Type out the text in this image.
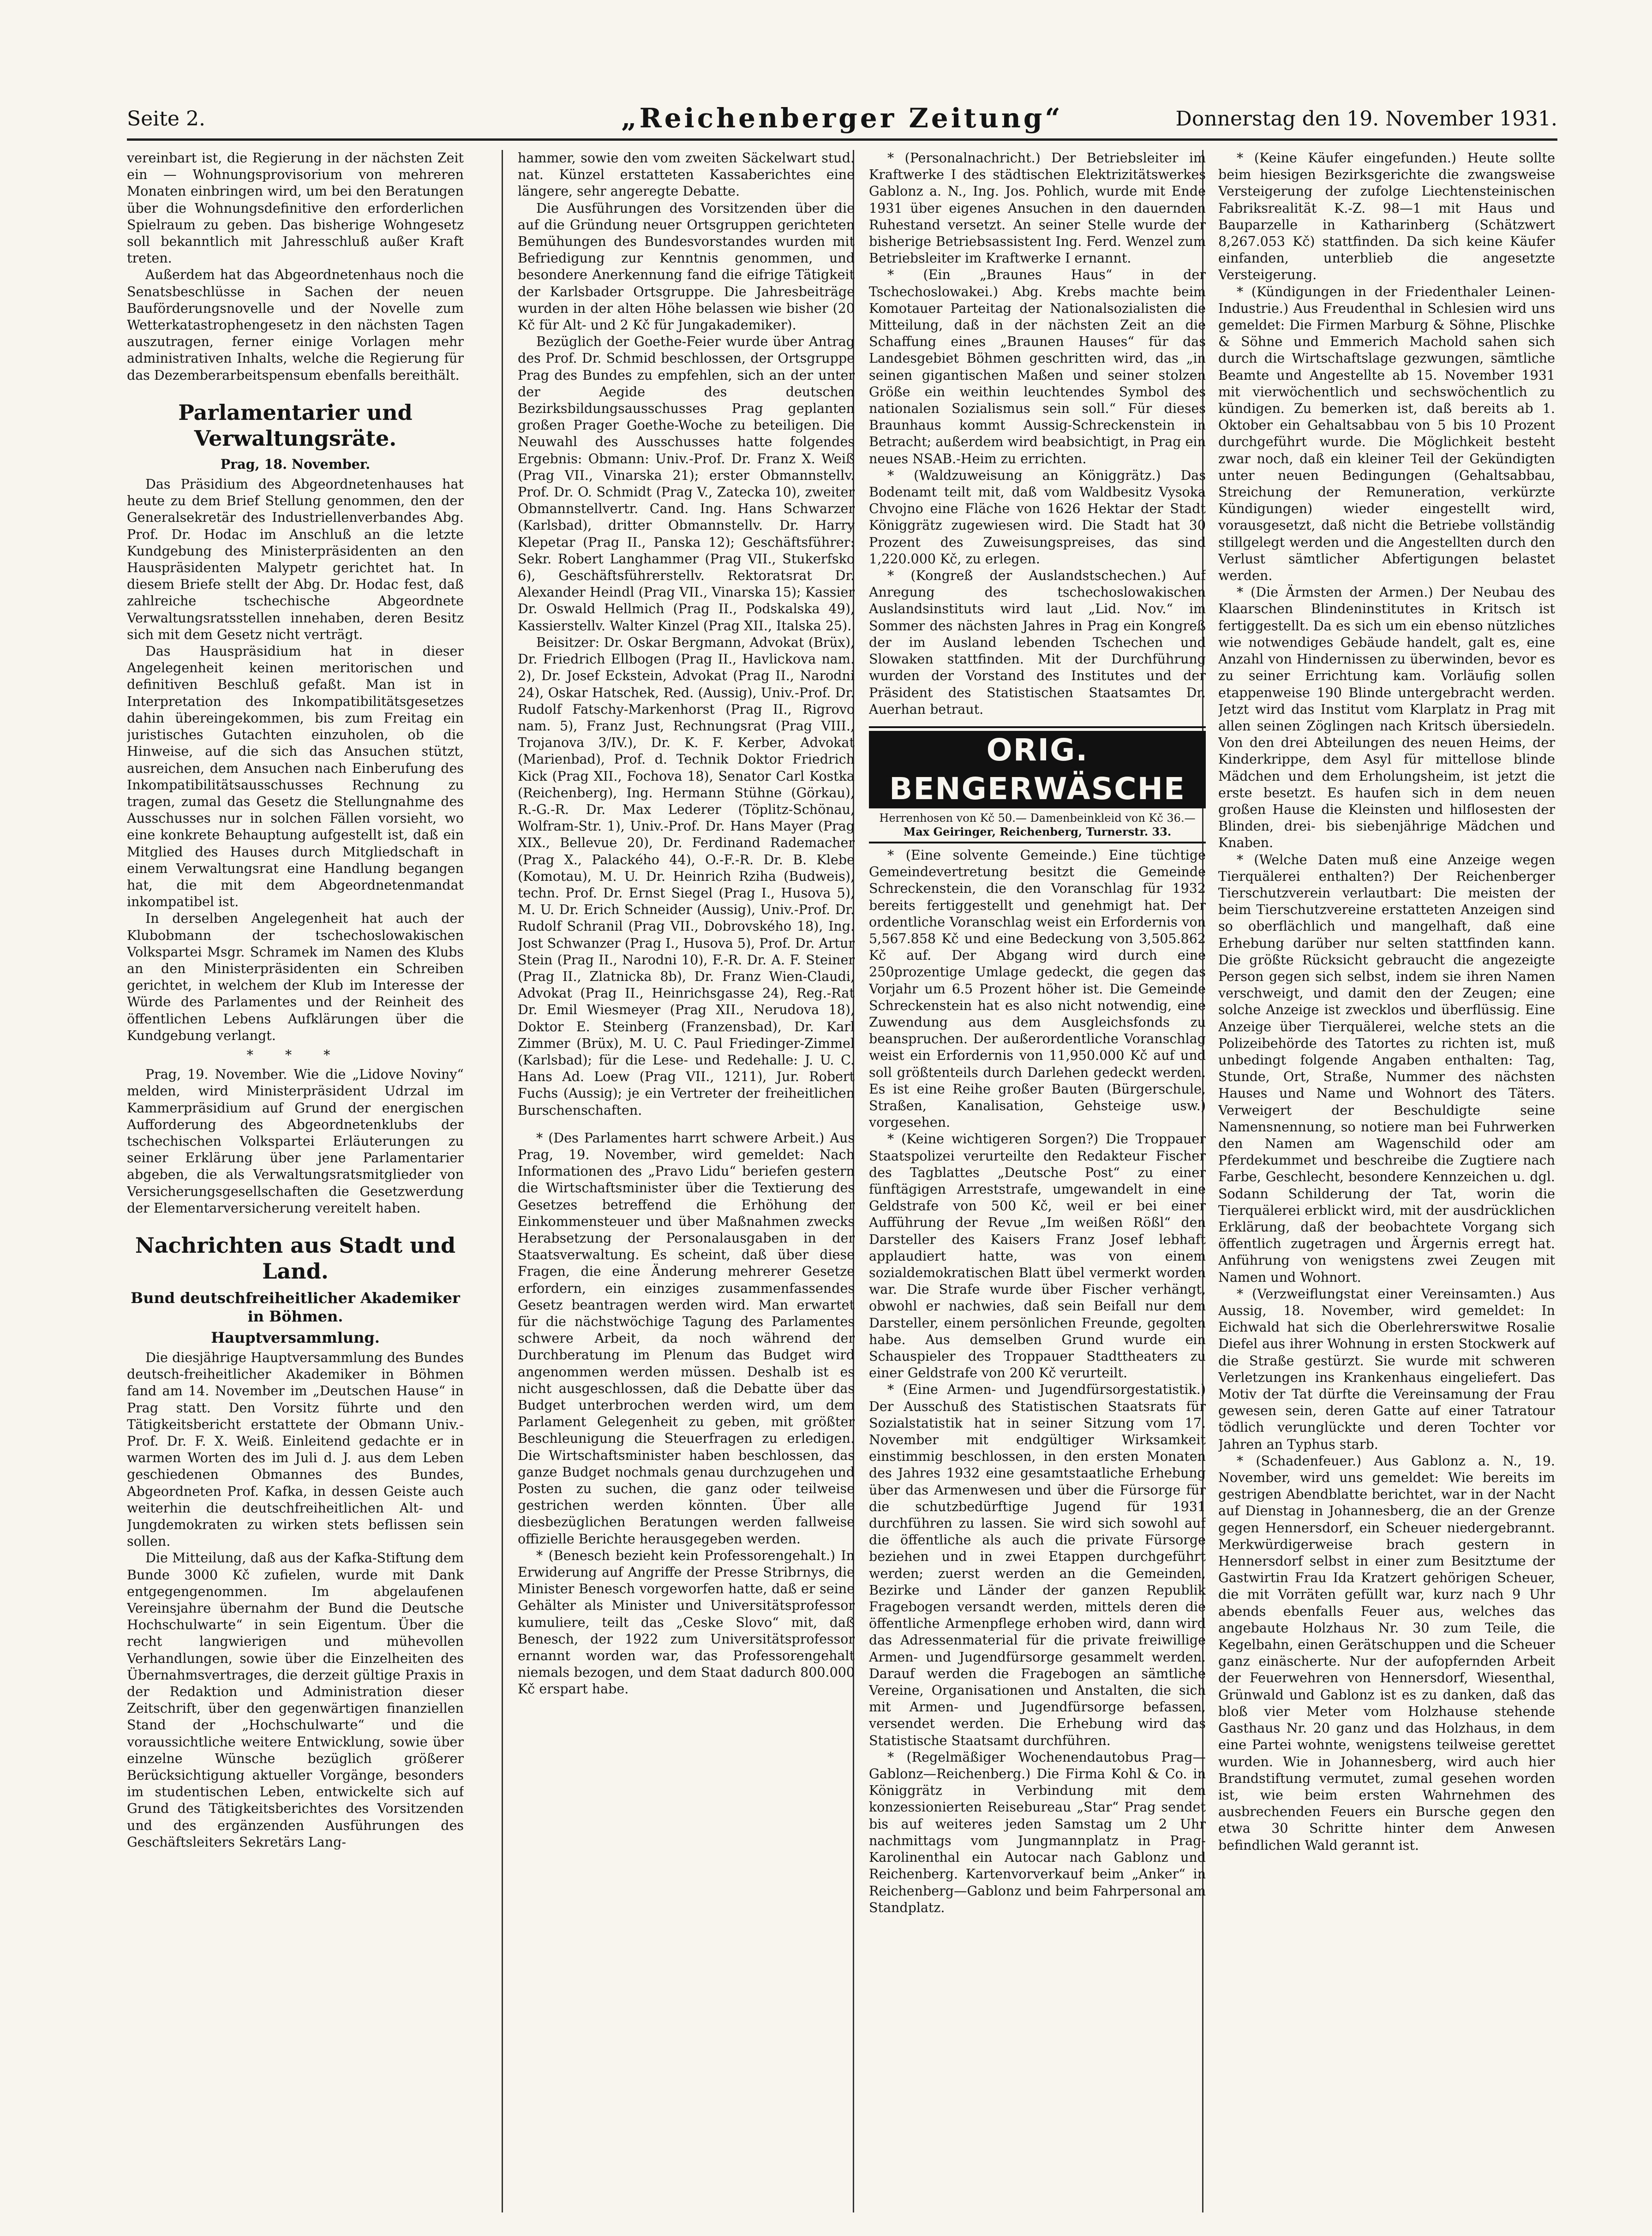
Seite 2.	„Reichenberger Zeitung“	Donnerstag den 19. November 1931.

vereinbart ist, die Regierung in der nächsten Zeit ein — Wohnungsprovisorium von mehreren Monaten einbringen wird, um bei den Beratungen über die Wohnungsdefinitive den erforderlichen Spielraum zu geben. Das bisherige Wohngesetz soll bekanntlich mit Jahresschluß außer Kraft treten.

Außerdem hat das Abgeordnetenhaus noch die Senatsbeschlüsse in Sachen der neuen Bauförderungsnovelle und der Novelle zum Wetterkatastrophengesetz in den nächsten Tagen auszutragen, ferner einige Vorlagen mehr administrativen Inhalts, welche die Regierung für das Dezemberarbeitspensum ebenfalls bereithält.

Parlamentarier und Verwaltungsräte.
Prag, 18. November.

Das Präsidium des Abgeordnetenhauses hat heute zu dem Brief Stellung genommen, den der Generalsekretär des Industriellenverbandes Abg. Prof. Dr. Hodac im Anschluß an die letzte Kundgebung des Ministerpräsidenten an den Hauspräsidenten Malypetr gerichtet hat. In diesem Briefe stellt der Abg. Dr. Hodac fest, daß zahlreiche tschechische Abgeordnete Verwaltungsratsstellen innehaben, deren Besitz sich mit dem Gesetz nicht verträgt.

Das Hauspräsidium hat in dieser Angelegenheit keinen meritorischen und definitiven Beschluß gefaßt. Man ist in Interpretation des Inkompatibilitätsgesetzes dahin übereingekommen, bis zum Freitag ein juristisches Gutachten einzuholen, ob die Hinweise, auf die sich das Ansuchen stützt, ausreichen, dem Ansuchen nach Einberufung des Inkompatibilitätsausschusses Rechnung zu tragen, zumal das Gesetz die Stellungnahme des Ausschusses nur in solchen Fällen vorsieht, wo eine konkrete Behauptung aufgestellt ist, daß ein Mitglied des Hauses durch Mitgliedschaft in einem Verwaltungsrat eine Handlung begangen hat, die mit dem Abgeordnetenmandat inkompatibel ist.

In derselben Angelegenheit hat auch der Klubobmann der tschechoslowakischen Volkspartei Msgr. Schramek im Namen des Klubs an den Ministerpräsidenten ein Schreiben gerichtet, in welchem der Klub im Interesse der Würde des Parlamentes und der Reinheit des öffentlichen Lebens Aufklärungen über die Kundgebung verlangt.

* * *

Prag, 19. November. Wie die „Lidove Noviny“ melden, wird Ministerpräsident Udrzal im Kammerpräsidium auf Grund der energischen Aufforderung des Abgeordnetenklubs der tschechischen Volkspartei Erläuterungen zu seiner Erklärung über jene Parlamentarier abgeben, die als Verwaltungsratsmitglieder von Versicherungsgesellschaften die Gesetzwerdung der Elementarversicherung vereitelt haben.

Nachrichten aus Stadt und Land.
Bund deutschfreiheitlicher Akademiker in Böhmen.
Hauptversammlung.

Die diesjährige Hauptversammlung des Bundes deutsch-freiheitlicher Akademiker in Böhmen fand am 14. November im „Deutschen Hause“ in Prag statt. Den Vorsitz führte und den Tätigkeitsbericht erstattete der Obmann Univ.-Prof. Dr. F. X. Weiß. Einleitend gedachte er in warmen Worten des im Juli d. J. aus dem Leben geschiedenen Obmannes des Bundes, Abgeordneten Prof. Kafka, in dessen Geiste auch weiterhin die deutschfreiheitlichen Alt- und Jungdemokraten zu wirken stets beflissen sein sollen.

Die Mitteilung, daß aus der Kafka-Stiftung dem Bunde 3000 Kč zufielen, wurde mit Dank entgegengenommen. Im abgelaufenen Vereinsjahre übernahm der Bund die Deutsche Hochschulwarte“ in sein Eigentum. Über die recht langwierigen und mühevollen Verhandlungen, sowie über die Einzelheiten des Übernahmsvertrages, die derzeit gültige Praxis in der Redaktion und Administration dieser Zeitschrift, über den gegenwärtigen finanziellen Stand der „Hochschulwarte“ und die voraussichtliche weitere Entwicklung, sowie über einzelne Wünsche bezüglich größerer Berücksichtigung aktueller Vorgänge, besonders im studentischen Leben, entwickelte sich auf Grund des Tätigkeitsberichtes des Vorsitzenden und des ergänzenden Ausführungen des Geschäftsleiters Sekretärs Lang-

hammer, sowie den vom zweiten Säckelwart stud. nat. Künzel erstatteten Kassaberichtes eine längere, sehr angeregte Debatte.

Die Ausführungen des Vorsitzenden über die auf die Gründung neuer Ortsgruppen gerichteten Bemühungen des Bundesvorstandes wurden mit Befriedigung zur Kenntnis genommen, und besondere Anerkennung fand die eifrige Tätigkeit der Karlsbader Ortsgruppe. Die Jahresbeiträge wurden in der alten Höhe belassen wie bisher (20 Kč für Alt- und 2 Kč für Jungakademiker).

Bezüglich der Goethe-Feier wurde über Antrag des Prof. Dr. Schmid beschlossen, der Ortsgruppe Prag des Bundes zu empfehlen, sich an der unter der Aegide des deutschen Bezirksbildungsausschusses Prag geplanten großen Prager Goethe-Woche zu beteiligen. Die Neuwahl des Ausschusses hatte folgendes Ergebnis: Obmann: Univ.-Prof. Dr. Franz X. Weiß (Prag VII., Vinarska 21); erster Obmannstellv. Prof. Dr. O. Schmidt (Prag V., Zatecka 10), zweiter Obmannstellvertr. Cand. Ing. Hans Schwarzer (Karlsbad), dritter Obmannstellv. Dr. Harry Klepetar (Prag II., Panska 12); Geschäftsführer: Sekr. Robert Langhammer (Prag VII., Stukerfsko 6), Geschäftsführerstellv. Rektoratsrat Dr. Alexander Heindl (Prag VII., Vinarska 15); Kassier Dr. Oswald Hellmich (Prag II., Podskalska 49), Kassierstellv. Walter Kinzel (Prag XII., Italska 25).

Beisitzer: Dr. Oskar Bergmann, Advokat (Brüx), Dr. Friedrich Ellbogen (Prag II., Havlickova nam. 2), Dr. Josef Eckstein, Advokat (Prag II., Narodni 24), Oskar Hatschek, Red. (Aussig), Univ.-Prof. Dr. Rudolf Fatschy-Markenhorst (Prag II., Rigrovo nam. 5), Franz Just, Rechnungsrat (Prag VIII., Trojanova 3/IV.), Dr. K. F. Kerber, Advokat (Marienbad), Prof. d. Technik Doktor Friedrich Kick (Prag XII., Fochova 18), Senator Carl Kostka (Reichenberg), Ing. Hermann Stühne (Görkau), R.-G.-R. Dr. Max Lederer (Töplitz-Schönau, Wolfram-Str. 1), Univ.-Prof. Dr. Hans Mayer (Prag XIX., Bellevue 20), Dr. Ferdinand Rademacher (Prag X., Palackého 44), O.-F.-R. Dr. B. Klebe (Komotau), M. U. Dr. Heinrich Rziha (Budweis), techn. Prof. Dr. Ernst Siegel (Prag I., Husova 5), M. U. Dr. Erich Schneider (Aussig), Univ.-Prof. Dr. Rudolf Schranil (Prag VII., Dobrovského 18), Ing. Jost Schwanzer (Prag I., Husova 5), Prof. Dr. Artur Stein (Prag II., Narodni 10), F.-R. Dr. A. F. Steiner (Prag II., Zlatnicka 8b), Dr. Franz Wien-Claudi, Advokat (Prag II., Heinrichsgasse 24), Reg.-Rat Dr. Emil Wiesmeyer (Prag XII., Nerudova 18), Doktor E. Steinberg (Franzensbad), Dr. Karl Zimmer (Brüx), M. U. C. Paul Friedinger-Zimmel (Karlsbad); für die Lese- und Redehalle: J. U. C. Hans Ad. Loew (Prag VII., 1211), Jur. Robert Fuchs (Aussig); je ein Vertreter der freiheitlichen Burschenschaften.

* (Des Parlamentes harrt schwere Arbeit.) Aus Prag, 19. November, wird gemeldet: Nach Informationen des „Pravo Lidu“ beriefen gestern die Wirtschaftsminister über die Textierung des Gesetzes betreffend die Erhöhung der Einkommensteuer und über Maßnahmen zwecks Herabsetzung der Personalausgaben in der Staatsverwaltung. Es scheint, daß über diese Fragen, die eine Änderung mehrerer Gesetze erfordern, ein einziges zusammenfassendes Gesetz beantragen werden wird. Man erwartet für die nächstwöchige Tagung des Parlamentes schwere Arbeit, da noch während der Durchberatung im Plenum das Budget wird angenommen werden müssen. Deshalb ist es nicht ausgeschlossen, daß die Debatte über das Budget unterbrochen werden wird, um dem Parlament Gelegenheit zu geben, mit größter Beschleunigung die Steuerfragen zu erledigen. Die Wirtschaftsminister haben beschlossen, das ganze Budget nochmals genau durchzugehen und Posten zu suchen, die ganz oder teilweise gestrichen werden könnten. Über alle diesbezüglichen Beratungen werden fallweise offizielle Berichte herausgegeben werden.

* (Benesch bezieht kein Professorengehalt.) In Erwiderung auf Angriffe der Presse Stribrnys, die Minister Benesch vorgeworfen hatte, daß er seine Gehälter als Minister und Universitätsprofessor kumuliere, teilt das „Ceske Slovo“ mit, daß Benesch, der 1922 zum Universitätsprofessor ernannt worden war, das Professorengehalt niemals bezogen, und dem Staat dadurch 800.000 Kč erspart habe.

* (Personalnachricht.) Der Betriebsleiter im Kraftwerke I des städtischen Elektrizitätswerkes Gablonz a. N., Ing. Jos. Pohlich, wurde mit Ende 1931 über eigenes Ansuchen in den dauernden Ruhestand versetzt. An seiner Stelle wurde der bisherige Betriebsassistent Ing. Ferd. Wenzel zum Betriebsleiter im Kraftwerke I ernannt.

* (Ein „Braunes Haus“ in der Tschechoslowakei.) Abg. Krebs machte beim Komotauer Parteitag der Nationalsozialisten die Mitteilung, daß in der nächsten Zeit an die Schaffung eines „Braunen Hauses“ für das Landesgebiet Böhmen geschritten wird, das „in seinen gigantischen Maßen und seiner stolzen Größe ein weithin leuchtendes Symbol des nationalen Sozialismus sein soll.“ Für dieses Braunhaus kommt Aussig-Schreckenstein in Betracht; außerdem wird beabsichtigt, in Prag ein neues NSAB.-Heim zu errichten.

* (Waldzuweisung an Königgrätz.) Das Bodenamt teilt mit, daß vom Waldbesitz Vysoka Chvojno eine Fläche von 1626 Hektar der Stadt Königgrätz zugewiesen wird. Die Stadt hat 30 Prozent des Zuweisungspreises, das sind 1,220.000 Kč, zu erlegen.

* (Kongreß der Auslandstschechen.) Auf Anregung des tschechoslowakischen Auslandsinstituts wird laut „Lid. Nov.“ im Sommer des nächsten Jahres in Prag ein Kongreß der im Ausland lebenden Tschechen und Slowaken stattfinden. Mit der Durchführung wurden der Vorstand des Institutes und der Präsident des Statistischen Staatsamtes Dr. Auerhan betraut.

ORIG. BENGERWÄSCHE
Herrenhosen von Kč 50.— Damenbeinkleid von Kč 36.—
Max Geiringer, Reichenberg, Turnerstr. 33.

* (Eine solvente Gemeinde.) Eine tüchtige Gemeindevertretung besitzt die Gemeinde Schreckenstein, die den Voranschlag für 1932 bereits fertiggestellt und genehmigt hat. Der ordentliche Voranschlag weist ein Erfordernis von 5,567.858 Kč und eine Bedeckung von 3,505.862 Kč auf. Der Abgang wird durch eine 250prozentige Umlage gedeckt, die gegen das Vorjahr um 6.5 Prozent höher ist. Die Gemeinde Schreckenstein hat es also nicht notwendig, eine Zuwendung aus dem Ausgleichsfonds zu beanspruchen. Der außerordentliche Voranschlag weist ein Erfordernis von 11,950.000 Kč auf und soll größtenteils durch Darlehen gedeckt werden. Es ist eine Reihe großer Bauten (Bürgerschule, Straßen, Kanalisation, Gehsteige usw.) vorgesehen.

* (Keine wichtigeren Sorgen?) Die Troppauer Staatspolizei verurteilte den Redakteur Fischer des Tagblattes „Deutsche Post“ zu einer fünftägigen Arreststrafe, umgewandelt in eine Geldstrafe von 500 Kč, weil er bei einer Aufführung der Revue „Im weißen Rößl“ den Darsteller des Kaisers Franz Josef lebhaft applaudiert hatte, was von einem sozialdemokratischen Blatt übel vermerkt worden war. Die Strafe wurde über Fischer verhängt, obwohl er nachwies, daß sein Beifall nur dem Darsteller, einem persönlichen Freunde, gegolten habe. Aus demselben Grund wurde ein Schauspieler des Troppauer Stadttheaters zu einer Geldstrafe von 200 Kč verurteilt.

* (Eine Armen- und Jugendfürsorgestatistik.) Der Ausschuß des Statistischen Staatsrats für Sozialstatistik hat in seiner Sitzung vom 17. November mit endgültiger Wirksamkeit einstimmig beschlossen, in den ersten Monaten des Jahres 1932 eine gesamtstaatliche Erhebung über das Armenwesen und über die Fürsorge für die schutzbedürftige Jugend für 1931 durchführen zu lassen. Sie wird sich sowohl auf die öffentliche als auch die private Fürsorge beziehen und in zwei Etappen durchgeführt werden; zuerst werden an die Gemeinden, Bezirke und Länder der ganzen Republik Fragebogen versandt werden, mittels deren die öffentliche Armenpflege erhoben wird, dann wird das Adressenmaterial für die private freiwillige Armen- und Jugendfürsorge gesammelt werden. Darauf werden die Fragebogen an sämtliche Vereine, Organisationen und Anstalten, die sich mit Armen- und Jugendfürsorge befassen, versendet werden. Die Erhebung wird das Statistische Staatsamt durchführen.

* (Regelmäßiger Wochenendautobus Prag—Gablonz—Reichenberg.) Die Firma Kohl & Co. in Königgrätz in Verbindung mit dem konzessionierten Reisebureau „Star“ Prag sendet bis auf weiteres jeden Samstag um 2 Uhr nachmittags vom Jungmannplatz in Prag-Karolinenthal ein Autocar nach Gablonz und Reichenberg. Kartenvorverkauf beim „Anker“ in Reichenberg—Gablonz und beim Fahrpersonal am Standplatz.

* (Keine Käufer eingefunden.) Heute sollte beim hiesigen Bezirksgerichte die zwangsweise Versteigerung der zufolge Liechtensteinischen Fabriksrealität K.-Z. 98—1 mit Haus und Bauparzelle in Katharinberg (Schätzwert 8,267.053 Kč) stattfinden. Da sich keine Käufer einfanden, unterblieb die angesetzte Versteigerung.

* (Kündigungen in der Friedenthaler Leinen-Industrie.) Aus Freudenthal in Schlesien wird uns gemeldet: Die Firmen Marburg & Söhne, Plischke & Söhne und Emmerich Machold sahen sich durch die Wirtschaftslage gezwungen, sämtliche Beamte und Angestellte ab 15. November 1931 mit vierwöchentlich und sechswöchentlich zu kündigen. Zu bemerken ist, daß bereits ab 1. Oktober ein Gehaltsabbau von 5 bis 10 Prozent durchgeführt wurde. Die Möglichkeit besteht zwar noch, daß ein kleiner Teil der Gekündigten unter neuen Bedingungen (Gehaltsabbau, Streichung der Remuneration, verkürzte Kündigungen) wieder eingestellt wird, vorausgesetzt, daß nicht die Betriebe vollständig stillgelegt werden und die Angestellten durch den Verlust sämtlicher Abfertigungen belastet werden.

* (Die Ärmsten der Armen.) Der Neubau des Klaarschen Blindeninstitutes in Kritsch ist fertiggestellt. Da es sich um ein ebenso nützliches wie notwendiges Gebäude handelt, galt es, eine Anzahl von Hindernissen zu überwinden, bevor es zu seiner Errichtung kam. Vorläufig sollen etappenweise 190 Blinde untergebracht werden. Jetzt wird das Institut vom Klarplatz in Prag mit allen seinen Zöglingen nach Kritsch übersiedeln. Von den drei Abteilungen des neuen Heims, der Kinderkrippe, dem Asyl für mittellose blinde Mädchen und dem Erholungsheim, ist jetzt die erste besetzt. Es haufen sich in dem neuen großen Hause die Kleinsten und hilflosesten der Blinden, drei- bis siebenjährige Mädchen und Knaben.

* (Welche Daten muß eine Anzeige wegen Tierquälerei enthalten?) Der Reichenberger Tierschutzverein verlautbart: Die meisten der beim Tierschutzvereine erstatteten Anzeigen sind so oberflächlich und mangelhaft, daß eine Erhebung darüber nur selten stattfinden kann. Die größte Rücksicht gebraucht die angezeigte Person gegen sich selbst, indem sie ihren Namen verschweigt, und damit den der Zeugen; eine solche Anzeige ist zwecklos und überflüssig. Eine Anzeige über Tierquälerei, welche stets an die Polizeibehörde des Tatortes zu richten ist, muß unbedingt folgende Angaben enthalten: Tag, Stunde, Ort, Straße, Nummer des nächsten Hauses und Name und Wohnort des Täters. Verweigert der Beschuldigte seine Namensnennung, so notiere man bei Fuhrwerken den Namen am Wagenschild oder am Pferdekummet und beschreibe die Zugtiere nach Farbe, Geschlecht, besondere Kennzeichen u. dgl. Sodann Schilderung der Tat, worin die Tierquälerei erblickt wird, mit der ausdrücklichen Erklärung, daß der beobachtete Vorgang sich öffentlich zugetragen und Ärgernis erregt hat. Anführung von wenigstens zwei Zeugen mit Namen und Wohnort.

* (Verzweiflungstat einer Vereinsamten.) Aus Aussig, 18. November, wird gemeldet: In Eichwald hat sich die Oberlehrerswitwe Rosalie Diefel aus ihrer Wohnung in ersten Stockwerk auf die Straße gestürzt. Sie wurde mit schweren Verletzungen ins Krankenhaus eingeliefert. Das Motiv der Tat dürfte die Vereinsamung der Frau gewesen sein, deren Gatte auf einer Tatratour tödlich verunglückte und deren Tochter vor Jahren an Typhus starb.

* (Schadenfeuer.) Aus Gablonz a. N., 19. November, wird uns gemeldet: Wie bereits im gestrigen Abendblatte berichtet, war in der Nacht auf Dienstag in Johannesberg, die an der Grenze gegen Hennersdorf, ein Scheuer niedergebrannt. Merkwürdigerweise brach gestern in Hennersdorf selbst in einer zum Besitztume der Gastwirtin Frau Ida Kratzert gehörigen Scheuer, die mit Vorräten gefüllt war, kurz nach 9 Uhr abends ebenfalls Feuer aus, welches das angebaute Holzhaus Nr. 30 zum Teile, die Kegelbahn, einen Gerätschuppen und die Scheuer ganz einäscherte. Nur der aufopfernden Arbeit der Feuerwehren von Hennersdorf, Wiesenthal, Grünwald und Gablonz ist es zu danken, daß das bloß vier Meter vom Holzhause stehende Gasthaus Nr. 20 ganz und das Holzhaus, in dem eine Partei wohnte, wenigstens teilweise gerettet wurden. Wie in Johannesberg, wird auch hier Brandstiftung vermutet, zumal gesehen worden ist, wie beim ersten Wahrnehmen des ausbrechenden Feuers ein Bursche gegen den etwa 30 Schritte hinter dem Anwesen befindlichen Wald gerannt ist.
